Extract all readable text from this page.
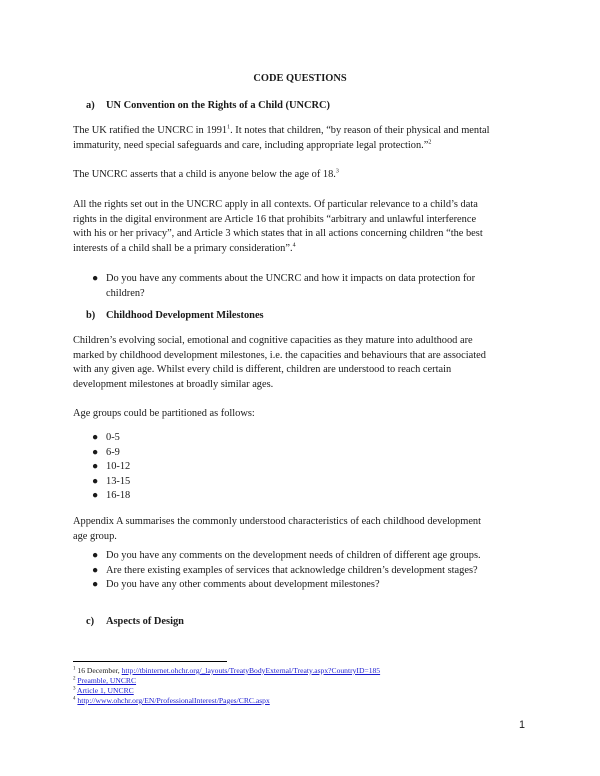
CODE QUESTIONS
a) UN Convention on the Rights of a Child (UNCRC)
The UK ratified the UNCRC in 1991$^1$. It notes that children, “by reason of their physical and mental
immaturity, need special safeguards and care, including appropriate legal protection.”$^2$
The UNCRC asserts that a child is anyone below the age of 18.$^3$
All the rights set out in the UNCRC apply in all contexts. Of particular relevance to a child’s data
rights in the digital environment are Article 16 that prohibits “arbitrary and unlawful interference
with his or her privacy”, and Article 3 which states that in all actions concerning children “the best
interests of a child shall be a primary consideration”.$^4$
● Do you have any comments about the UNCRC and how it impacts on data protection for
children?
b) Childhood Development Milestones
Children’s evolving social, emotional and cognitive capacities as they mature into adulthood are
marked by childhood development milestones, i.e. the capacities and behaviours that are associated
with any given age. Whilst every child is different, children are understood to reach certain
development milestones at broadly similar ages.
Age groups could be partitioned as follows:
● 0-5
● 6-9
● 10-12
● 13-15
● 16-18
Appendix A summarises the commonly understood characteristics of each childhood development
age group.
● Do you have any comments on the development needs of children of different age groups.
● Are there existing examples of services that acknowledge children’s development stages?
● Do you have any other comments about development milestones?
c) Aspects of Design
$^1$ 16 December, http://tbinternet.ohchr.org/_layouts/TreatyBodyExternal/Treaty.aspx?CountryID=185
$^2$ Preamble, UNCRC
$^3$ Article 1, UNCRC
$^4$ http://www.ohchr.org/EN/ProfessionalInterest/Pages/CRC.aspx
1
